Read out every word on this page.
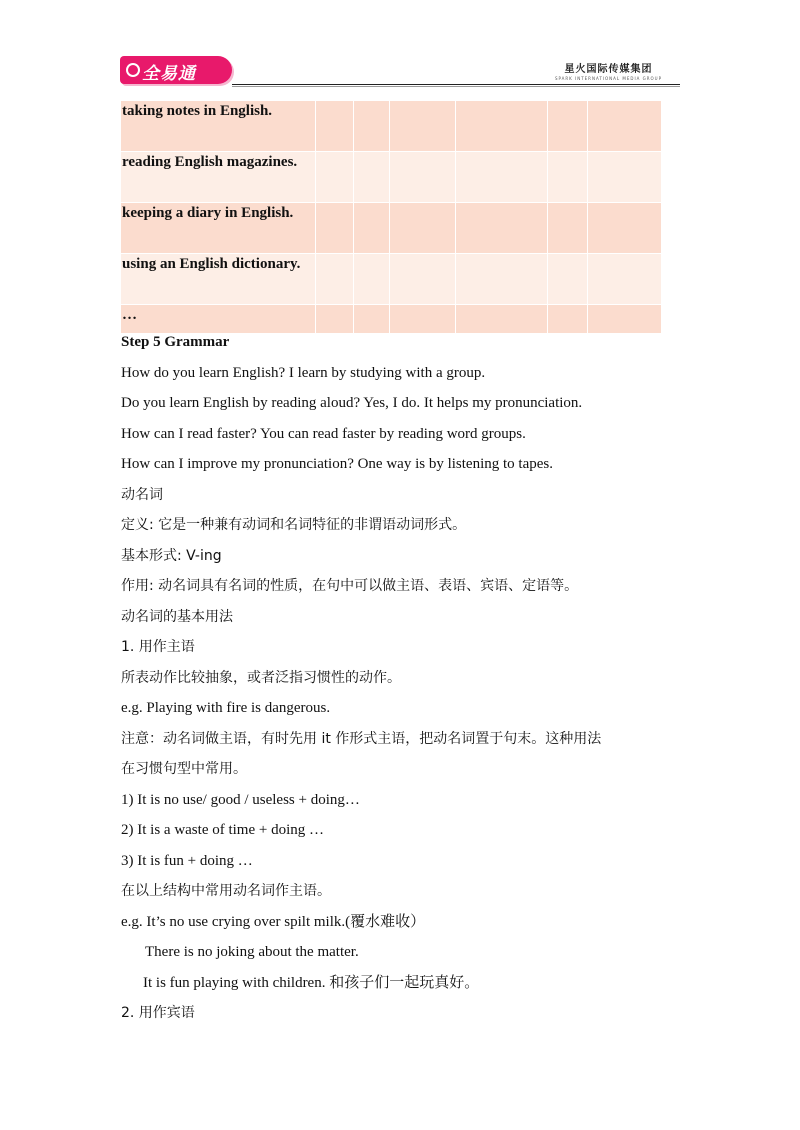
全易通	星火国际传媒集团
SPARK INTERNATIONAL MEDIA GROUP
taking notes in English.						
reading English magazines.						
keeping a diary in English.						
using an English dictionary.						
…						
Step 5 Grammar
How do you learn English? I learn by studying with a group.
Do you learn English by reading aloud? Yes, I do. It helps my pronunciation.
How can I read faster? You can read faster by reading word groups.
How can I improve my pronunciation? One way is by listening to tapes.
动名词
定义: 它是一种兼有动词和名词特征的非谓语动词形式。
基本形式: V-ing
作用: 动名词具有名词的性质，在句中可以做主语、表语、宾语、定语等。
动名词的基本用法
1. 用作主语
所表动作比较抽象，或者泛指习惯性的动作。
e.g. Playing with fire is dangerous.
注意：动名词做主语，有时先用 it 作形式主语，把动名词置于句末。这种用法
在习惯句型中常用。
1) It is no use/ good / useless + doing…
2) It is a waste of time + doing …
3) It is fun + doing …
在以上结构中常用动名词作主语。
e.g. It’s no use crying over spilt milk.(覆水难收）
There is no joking about the matter.
It is fun playing with children. 和孩子们一起玩真好。
2. 用作宾语
